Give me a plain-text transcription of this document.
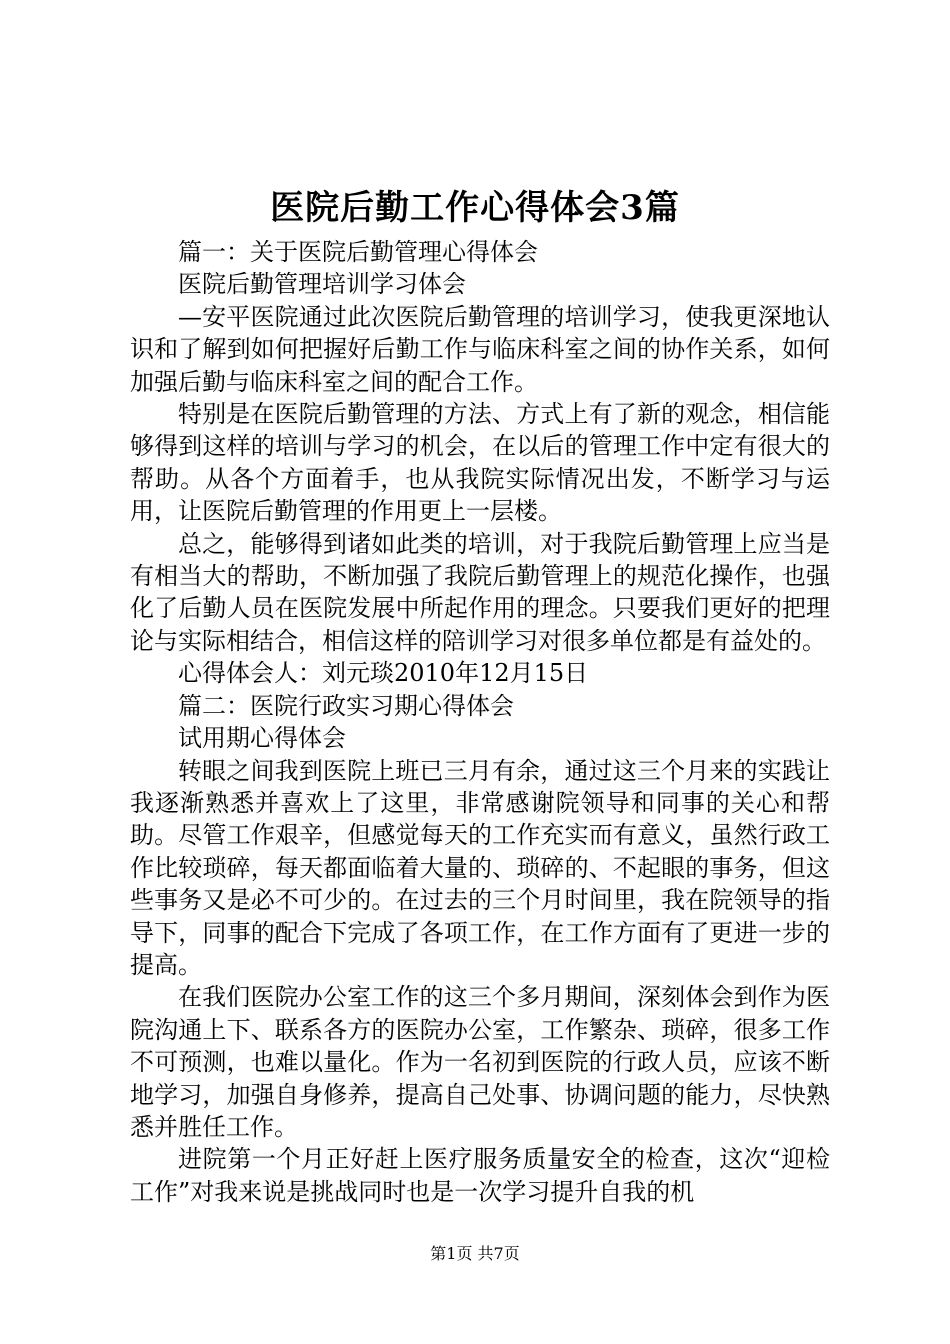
医院后勤工作心得体会3篇

篇一：关于医院后勤管理心得体会

医院后勤管理培训学习体会

—安平医院通过此次医院后勤管理的培训学习，使我更深地认识和了解到如何把握好后勤工作与临床科室之间的协作关系，如何加强后勤与临床科室之间的配合工作。

特别是在医院后勤管理的方法、方式上有了新的观念，相信能够得到这样的培训与学习的机会，在以后的管理工作中定有很大的帮助。从各个方面着手，也从我院实际情况出发，不断学习与运用，让医院后勤管理的作用更上一层楼。

总之，能够得到诸如此类的培训，对于我院后勤管理上应当是有相当大的帮助，不断加强了我院后勤管理上的规范化操作，也强化了后勤人员在医院发展中所起作用的理念。只要我们更好的把理论与实际相结合，相信这样的陪训学习对很多单位都是有益处的。

心得体会人：刘元琰2010年12月15日

篇二：医院行政实习期心得体会

试用期心得体会

转眼之间我到医院上班已三月有余，通过这三个月来的实践让我逐渐熟悉并喜欢上了这里，非常感谢院领导和同事的关心和帮助。尽管工作艰辛，但感觉每天的工作充实而有意义，虽然行政工作比较琐碎，每天都面临着大量的、琐碎的、不起眼的事务，但这些事务又是必不可少的。在过去的三个月时间里，我在院领导的指导下，同事的配合下完成了各项工作，在工作方面有了更进一步的提高。

在我们医院办公室工作的这三个多月期间，深刻体会到作为医院沟通上下、联系各方的医院办公室，工作繁杂、琐碎，很多工作不可预测，也难以量化。作为一名初到医院的行政人员，应该不断地学习，加强自身修养，提高自己处事、协调问题的能力，尽快熟悉并胜任工作。

进院第一个月正好赶上医疗服务质量安全的检查，这次“迎检工作”对我来说是挑战同时也是一次学习提升自我的机

第1页 共7页
